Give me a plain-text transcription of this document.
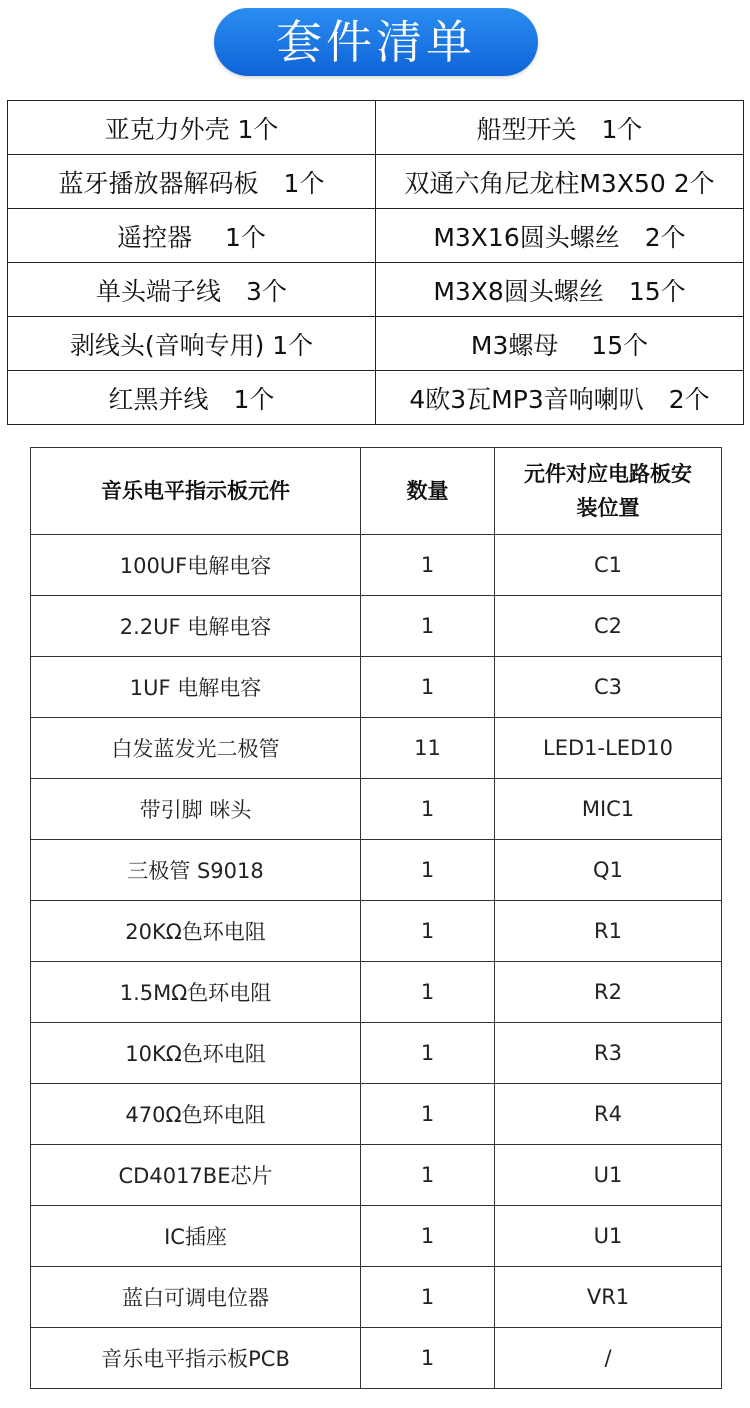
套件清单
亚克力外壳 1个	船型开关　1个
蓝牙播放器解码板　1个	双通六角尼龙柱M3X50 2个
遥控器　 1个	M3X16圆头螺丝　2个
单头端子线　3个	M3X8圆头螺丝　15个
剥线头(音响专用) 1个	M3螺母　 15个
红黑并线　1个	4欧3瓦MP3音响喇叭　2个
音乐电平指示板元件	数量	元件对应电路板安装位置
100UF电解电容	1	C1
2.2UF 电解电容	1	C2
1UF 电解电容	1	C3
白发蓝发光二极管	11	LED1-LED10
带引脚 咪头	1	MIC1
三极管 S9018	1	Q1
20KΩ色环电阻	1	R1
1.5MΩ色环电阻	1	R2
10KΩ色环电阻	1	R3
470Ω色环电阻	1	R4
CD4017BE芯片	1	U1
IC插座	1	U1
蓝白可调电位器	1	VR1
音乐电平指示板PCB	1	/
